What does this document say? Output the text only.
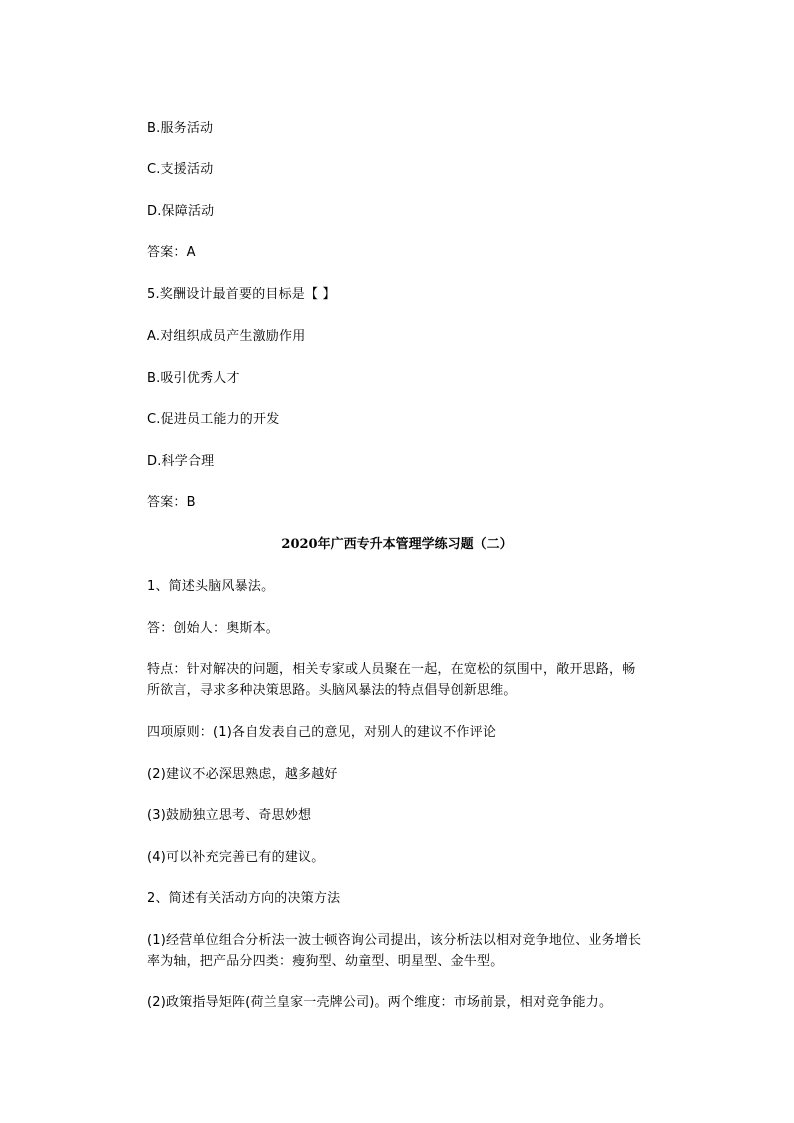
B.服务活动
C.支援活动
D.保障活动
答案：A
5.奖酬设计最首要的目标是【 】
A.对组织成员产生激励作用
B.吸引优秀人才
C.促进员工能力的开发
D.科学合理
答案：B
2020年广西专升本管理学练习题（二）
1、简述头脑风暴法。
答：创始人：奥斯本。
特点：针对解决的问题，相关专家或人员聚在一起，在宽松的氛围中，敞开思路，畅
所欲言，寻求多种决策思路。头脑风暴法的特点倡导创新思维。
四项原则：(1)各自发表自己的意见，对别人的建议不作评论
(2)建议不必深思熟虑，越多越好
(3)鼓励独立思考、奇思妙想
(4)可以补充完善已有的建议。
2、简述有关活动方向的决策方法
(1)经营单位组合分析法一波士顿咨询公司提出，该分析法以相对竞争地位、业务增长
率为轴，把产品分四类：瘦狗型、幼童型、明星型、金牛型。
(2)政策指导矩阵(荷兰皇家一壳牌公司)。两个维度：市场前景，相对竞争能力。
